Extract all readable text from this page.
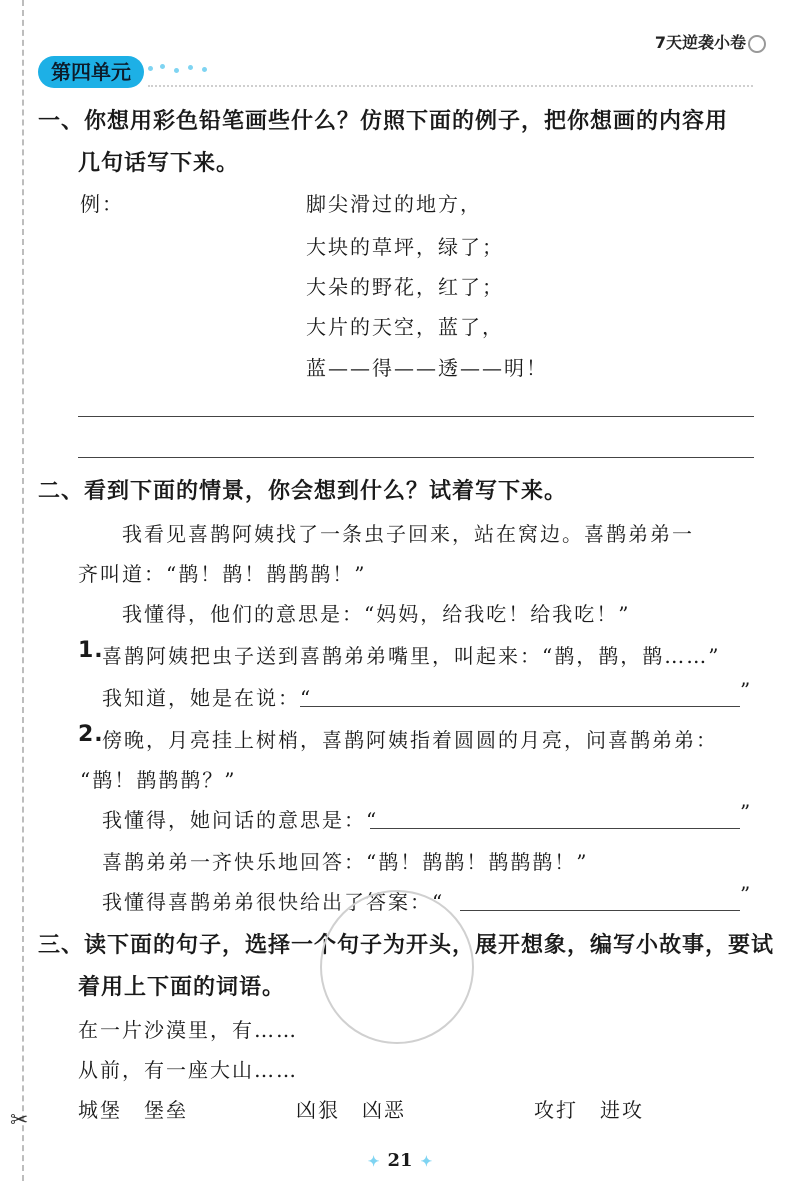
✂
7天逆袭小卷
第四单元
一、你想用彩色铅笔画些什么？仿照下面的例子，把你想画的内容用
几句话写下来。
例：	脚尖滑过的地方，
大块的草坪，绿了；
大朵的野花，红了；
大片的天空，蓝了，
蓝——得——透——明！
二、看到下面的情景，你会想到什么？试着写下来。
我看见喜鹊阿姨找了一条虫子回来，站在窝边。喜鹊弟弟一
齐叫道：“鹊！鹊！鹊鹊鹊！”
我懂得，他们的意思是：“妈妈，给我吃！给我吃！”
1.
喜鹊阿姨把虫子送到喜鹊弟弟嘴里，叫起来：“鹊，鹊，鹊……”
我知道，她是在说：“	”
2.
傍晚，月亮挂上树梢，喜鹊阿姨指着圆圆的月亮，问喜鹊弟弟：
“鹊！鹊鹊鹊？”
我懂得，她问话的意思是：“	”
喜鹊弟弟一齐快乐地回答：“鹊！鹊鹊！鹊鹊鹊！”
我懂得喜鹊弟弟很快给出了答案：“	”
三、读下面的句子，选择一个句子为开头，展开想象，编写小故事，要试
着用上下面的词语。
在一片沙漠里，有……
从前，有一座大山……
城堡　堡垒	凶狠　凶恶	攻打　进攻
✦ 21 ✦
